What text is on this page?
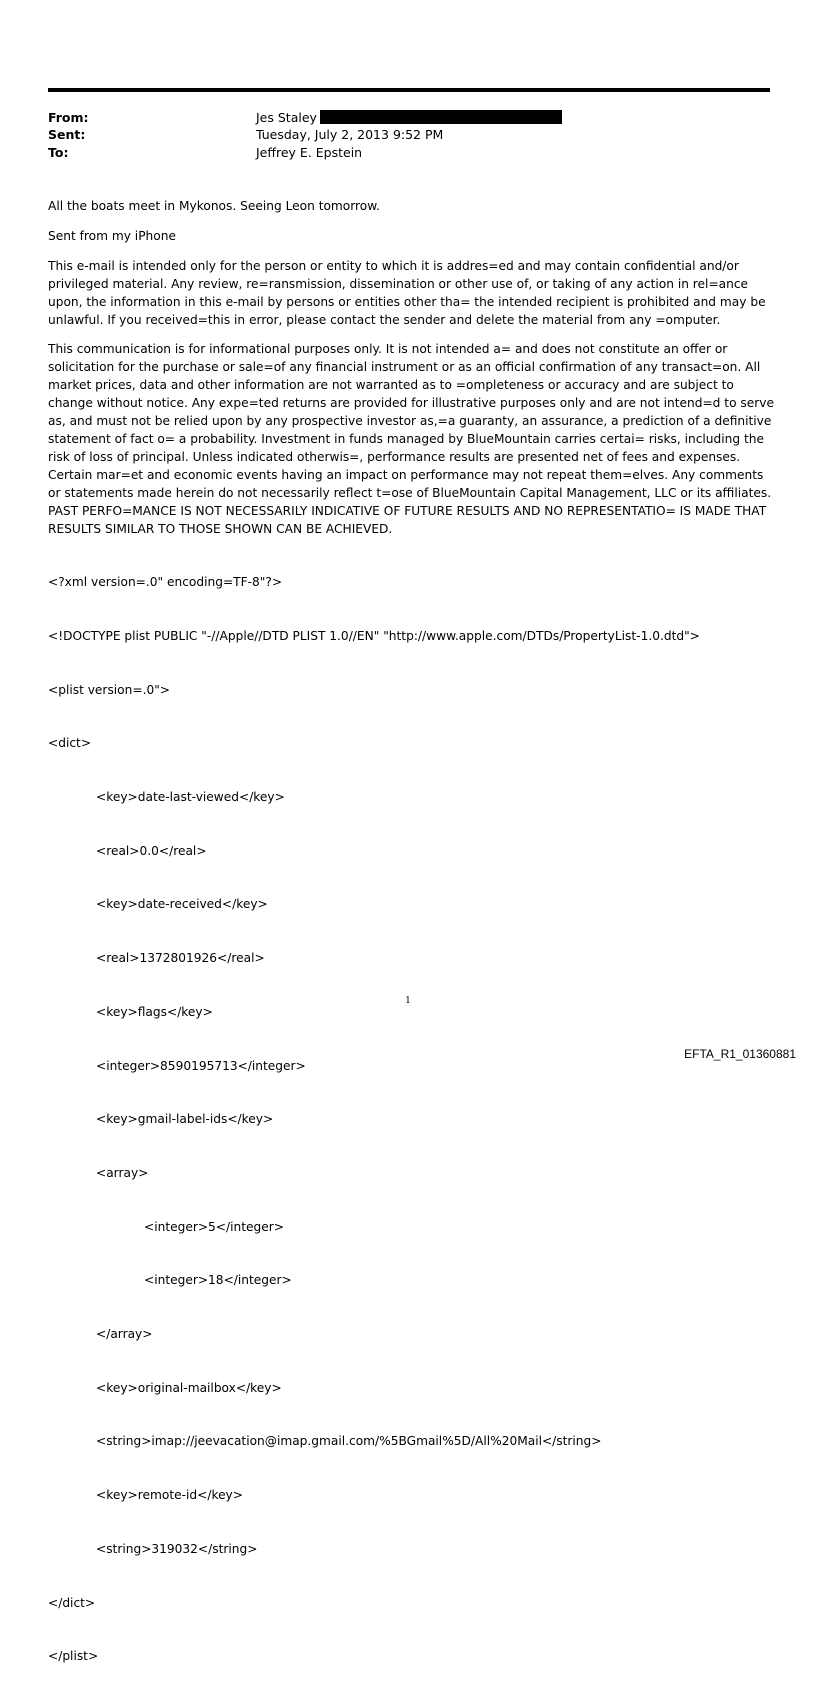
From:	Jes Staley
Sent:	Tuesday, July 2, 2013 9:52 PM
To:	Jeffrey E. Epstein

All the boats meet in Mykonos. Seeing Leon tomorrow.

Sent from my iPhone

This e-mail is intended only for the person or entity to which it is addres=ed and may contain confidential and/or privileged material. Any review, re=ransmission, dissemination or other use of, or taking of any action in rel=ance upon, the information in this e-mail by persons or entities other tha= the intended recipient is prohibited and may be unlawful. If you received=this in error, please contact the sender and delete the material from any =omputer.

This communication is for informational purposes only. It is not intended a= and does not constitute an offer or solicitation for the purchase or sale=of any financial instrument or as an official confirmation of any transact=on. All market prices, data and other information are not warranted as to =ompleteness or accuracy and are subject to change without notice. Any expe=ted returns are provided for illustrative purposes only and are not intend=d to serve as, and must not be relied upon by any prospective investor as,=a guaranty, an assurance, a prediction of a definitive statement of fact o= a probability. Investment in funds managed by BlueMountain carries certai= risks, including the risk of loss of principal. Unless indicated otherwis=, performance results are presented net of fees and expenses. Certain mar=et and economic events having an impact on performance may not repeat them=elves. Any comments or statements made herein do not necessarily reflect t=ose of BlueMountain Capital Management, LLC or its affiliates. PAST PERFO=MANCE IS NOT NECESSARILY INDICATIVE OF FUTURE RESULTS AND NO REPRESENTATIO= IS MADE THAT RESULTS SIMILAR TO THOSE SHOWN CAN BE ACHIEVED.

<?xml version=.0" encoding=TF-8"?>

<!DOCTYPE plist PUBLIC "-//Apple//DTD PLIST 1.0//EN" "http://www.apple.com/DTDs/PropertyList-1.0.dtd">

<plist version=.0">

<dict>

<key>date-last-viewed</key>

<real>0.0</real>

<key>date-received</key>

<real>1372801926</real>

<key>flags</key>

<integer>8590195713</integer>

<key>gmail-label-ids</key>

<array>

<integer>5</integer>

<integer>18</integer>

</array>

<key>original-mailbox</key>

<string>imap://jeevacation@imap.gmail.com/%5BGmail%5D/All%20Mail</string>

<key>remote-id</key>

<string>319032</string>

</dict>

</plist>

1
EFTA_R1_01360881
